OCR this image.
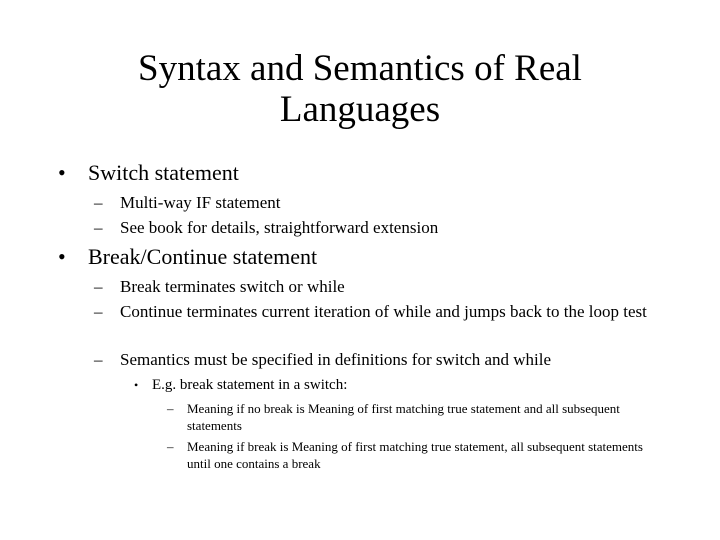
Syntax and Semantics of Real
Languages
• Switch statement
– Multi-way IF statement
– See book for details, straightforward extension
• Break/Continue statement
– Break terminates switch or while
– Continue terminates current iteration of while and jumps back to the loop test
– Semantics must be specified in definitions for switch and while
• E.g. break statement in a switch:
– Meaning if no break is Meaning of first matching true statement and all subsequent statements
– Meaning if break is Meaning of first matching true statement, all subsequent statements until one contains a break
